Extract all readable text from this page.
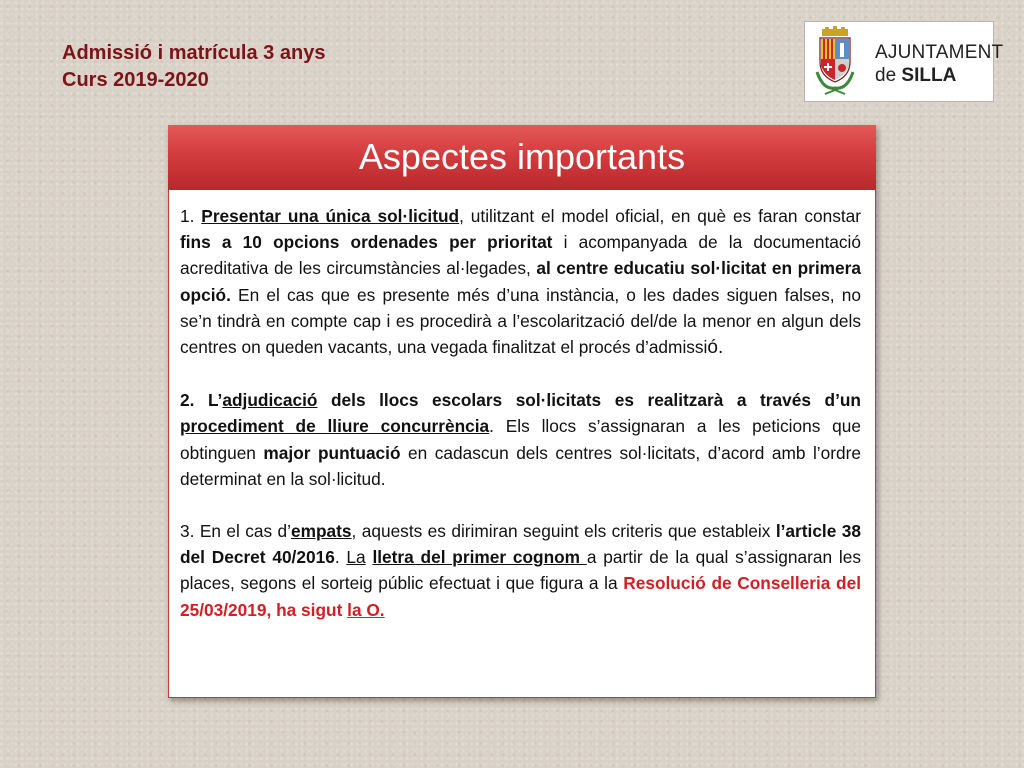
Admissió i matrícula 3 anys
Curs 2019-2020
AJUNTAMENT
de SILLA
Aspectes importants

1. Presentar una única sol·licitud, utilitzant el model oficial, en què es faran constar fins a 10 opcions ordenades per prioritat i acompanyada de la documentació acreditativa de les circumstàncies al·legades, al centre educatiu sol·licitat en primera opció. En el cas que es presente més d’una instància, o les dades siguen falses, no se’n tindrà en compte cap i es procedirà a l’escolarització del/de la menor en algun dels centres on queden vacants, una vegada finalitzat el procés d’admissió.

2. L’adjudicació dels llocs escolars sol·licitats es realitzarà a través d’un procediment de lliure concurrència. Els llocs s’assignaran a les peticions que obtinguen major puntuació en cadascun dels centres sol·licitats, d’acord amb l’ordre determinat en la sol·licitud.

3. En el cas d’empats, aquests es dirimiran seguint els criteris que estableix l’article 38 del Decret 40/2016. La lletra del primer cognom a partir de la qual s’assignaran les places, segons el sorteig públic efectuat i que figura a la Resolució de Conselleria del 25/03/2019, ha sigut la O.
